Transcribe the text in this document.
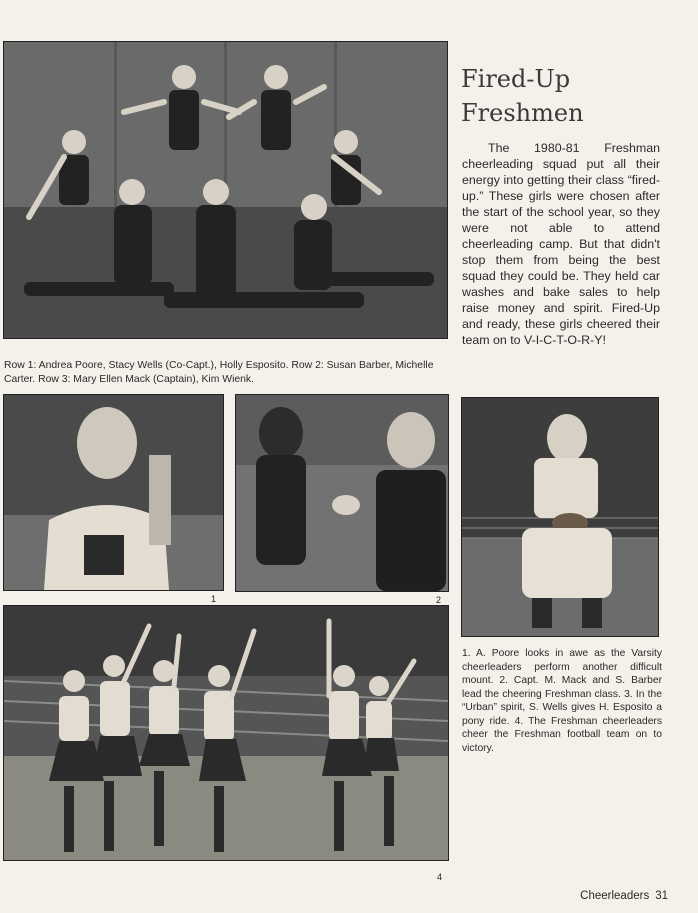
Row 1: Andrea Poore, Stacy Wells (Co-Capt.), Holly Esposito. Row 2: Susan Barber, Michelle Carter. Row 3: Mary Ellen Mack (Captain), Kim Wienk.

Fired-Up
Freshmen

The 1980-81 Freshman cheerleading squad put all their energy into getting their class “fired-up.” These girls were chosen after the start of the school year, so they were not able to attend cheerleading camp. But that didn't stop them from being the best squad they could be. They held car washes and bake sales to help raise money and spirit. Fired-Up and ready, these girls cheered their team on to V-I-C-T-O-R-Y!

1	2
4

1. A. Poore looks in awe as the Varsity cheerleaders perform another difficult mount. 2. Capt. M. Mack and S. Barber lead the cheering Freshman class. 3. In the “Urban” spirit, S. Wells gives H. Esposito a pony ride. 4. The Freshman cheerleaders cheer the Freshman football team on to victory.

Cheerleaders 31
